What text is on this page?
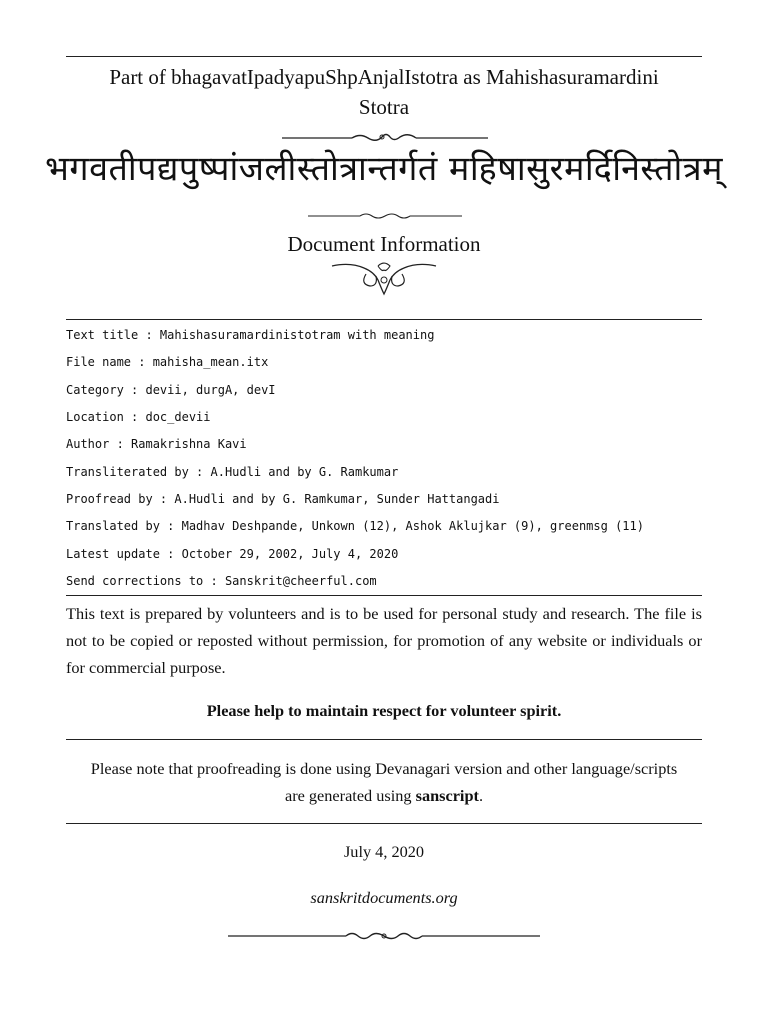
Part of bhagavatIpadyapuShpAnjalIstotra as Mahishasuramardini
Stotra
भगवतीपद्यपुष्पांजलीस्तोत्रान्तर्गतं महिषासुरमर्दिनिस्तोत्रम्
Document Information
Text title : Mahishasuramardinistotram with meaning
File name : mahisha_mean.itx
Category : devii, durgA, devI
Location : doc_devii
Author : Ramakrishna Kavi
Transliterated by : A.Hudli and by G. Ramkumar
Proofread by : A.Hudli and by G. Ramkumar, Sunder Hattangadi
Translated by : Madhav Deshpande, Unkown (12), Ashok Aklujkar (9), greenmsg (11)
Latest update : October 29, 2002, July 4, 2020
Send corrections to : Sanskrit@cheerful.com
This text is prepared by volunteers and is to be used for personal study and research. The file is not to be copied or reposted without permission, for promotion of any website or individuals or for commercial purpose.
Please help to maintain respect for volunteer spirit.
Please note that proofreading is done using Devanagari version and other language/scripts
are generated using sanscript.
July 4, 2020
sanskritdocuments.org
